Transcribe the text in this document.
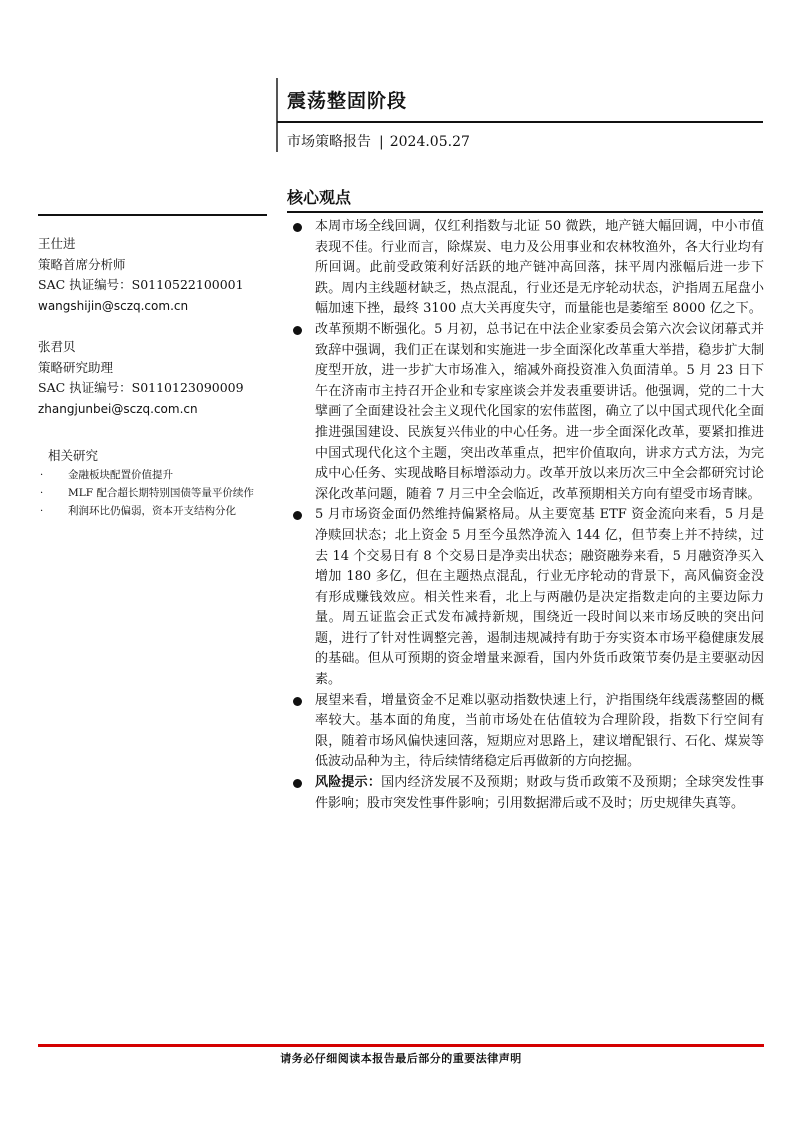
震荡整固阶段
市场策略报告 | 2024.05.27
核心观点
王仕进
策略首席分析师
SAC 执证编号：S0110522100001
wangshijin@sczq.com.cn
张君贝
策略研究助理
SAC 执证编号：S0110123090009
zhangjunbei@sczq.com.cn
相关研究
· 金融板块配置价值提升
· MLF 配合超长期特别国债等量平价续作
· 利润环比仍偏弱，资本开支结构分化
本周市场全线回调，仅红利指数与北证 50 微跌，地产链大幅回调，中小市值表现不佳。行业而言，除煤炭、电力及公用事业和农林牧渔外，各大行业均有所回调。此前受政策利好活跃的地产链冲高回落，抹平周内涨幅后进一步下跌。周内主线题材缺乏，热点混乱，行业还是无序轮动状态，沪指周五尾盘小幅加速下挫，最终 3100 点大关再度失守，而量能也是萎缩至 8000 亿之下。
改革预期不断强化。5 月初，总书记在中法企业家委员会第六次会议闭幕式并致辞中强调，我们正在谋划和实施进一步全面深化改革重大举措，稳步扩大制度型开放，进一步扩大市场准入，缩减外商投资准入负面清单。5 月 23 日下午在济南市主持召开企业和专家座谈会并发表重要讲话。他强调，党的二十大擘画了全面建设社会主义现代化国家的宏伟蓝图，确立了以中国式现代化全面推进强国建设、民族复兴伟业的中心任务。进一步全面深化改革，要紧扣推进中国式现代化这个主题，突出改革重点，把牢价值取向，讲求方式方法，为完成中心任务、实现战略目标增添动力。改革开放以来历次三中全会都研究讨论深化改革问题，随着 7 月三中全会临近，改革预期相关方向有望受市场青睐。
5 月市场资金面仍然维持偏紧格局。从主要宽基 ETF 资金流向来看，5 月是净赎回状态；北上资金 5 月至今虽然净流入 144 亿，但节奏上并不持续，过去 14 个交易日有 8 个交易日是净卖出状态；融资融券来看，5 月融资净买入增加 180 多亿，但在主题热点混乱，行业无序轮动的背景下，高风偏资金没有形成赚钱效应。相关性来看，北上与两融仍是决定指数走向的主要边际力量。周五证监会正式发布减持新规，围绕近一段时间以来市场反映的突出问题，进行了针对性调整完善，遏制违规减持有助于夯实资本市场平稳健康发展的基础。但从可预期的资金增量来源看，国内外货币政策节奏仍是主要驱动因素。
展望来看，增量资金不足难以驱动指数快速上行，沪指围绕年线震荡整固的概率较大。基本面的角度，当前市场处在估值较为合理阶段，指数下行空间有限，随着市场风偏快速回落，短期应对思路上，建议增配银行、石化、煤炭等低波动品种为主，待后续情绪稳定后再做新的方向挖掘。
风险提示：国内经济发展不及预期；财政与货币政策不及预期；全球突发性事件影响；股市突发性事件影响；引用数据滞后或不及时；历史规律失真等。
请务必仔细阅读本报告最后部分的重要法律声明
